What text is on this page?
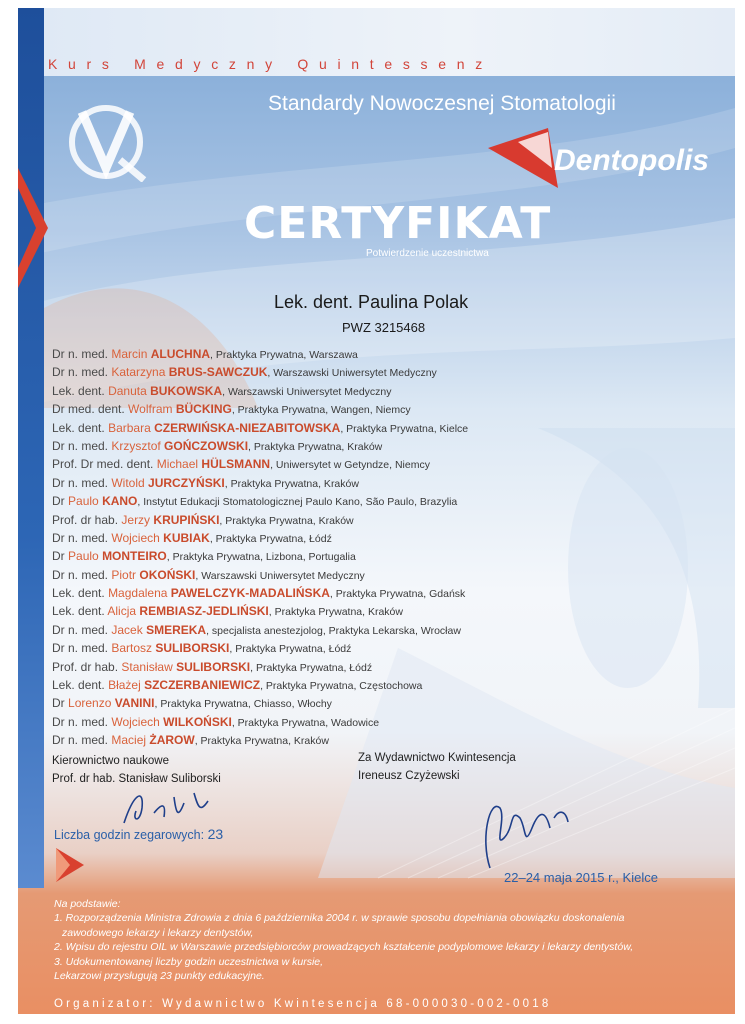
Kurs Medyczny Quintessenz
Standardy Nowoczesnej Stomatologii
Dentopolis
CERTYFIKAT
Potwierdzenie uczestnictwa
Lek. dent. Paulina Polak
PWZ 3215468
Dr n. med. Marcin ALUCHNA, Praktyka Prywatna, Warszawa
Dr n. med. Katarzyna BRUS-SAWCZUK, Warszawski Uniwersytet Medyczny
Lek. dent. Danuta BUKOWSKA, Warszawski Uniwersytet Medyczny
Dr med. dent. Wolfram BÜCKING, Praktyka Prywatna, Wangen, Niemcy
Lek. dent. Barbara CZERWIŃSKA-NIEZABITOWSKA, Praktyka Prywatna, Kielce
Dr n. med. Krzysztof GOŃCZOWSKI, Praktyka Prywatna, Kraków
Prof. Dr med. dent. Michael HÜLSMANN, Uniwersytet w Getyndze, Niemcy
Dr n. med. Witold JURCZYŃSKI, Praktyka Prywatna, Kraków
Dr Paulo KANO, Instytut Edukacji Stomatologicznej Paulo Kano, São Paulo, Brazylia
Prof. dr hab. Jerzy KRUPIŃSKI, Praktyka Prywatna, Kraków
Dr n. med. Wojciech KUBIAK, Praktyka Prywatna, Łódź
Dr Paulo MONTEIRO, Praktyka Prywatna, Lizbona, Portugalia
Dr n. med. Piotr OKOŃSKI, Warszawski Uniwersytet Medyczny
Lek. dent. Magdalena PAWELCZYK-MADALIŃSKA, Praktyka Prywatna, Gdańsk
Lek. dent. Alicja REMBIASZ-JEDLIŃSKI, Praktyka Prywatna, Kraków
Dr n. med. Jacek SMEREKA, specjalista anestezjolog, Praktyka Lekarska, Wrocław
Dr n. med. Bartosz SULIBORSKI, Praktyka Prywatna, Łódź
Prof. dr hab. Stanisław SULIBORSKI, Praktyka Prywatna, Łódź
Lek. dent. Błażej SZCZERBANIEWICZ, Praktyka Prywatna, Częstochowa
Dr Lorenzo VANINI, Praktyka Prywatna, Chiasso, Włochy
Dr n. med. Wojciech WILKOŃSKI, Praktyka Prywatna, Wadowice
Dr n. med. Maciej ŻAROW, Praktyka Prywatna, Kraków
Kierownictwo naukowe
Prof. dr hab. Stanisław Suliborski
Za Wydawnictwo Kwintesencja
Ireneusz Czyżewski
Liczba godzin zegarowych: 23
22–24 maja 2015 r., Kielce
Na podstawie:
1. Rozporządzenia Ministra Zdrowia z dnia 6 października 2004 r. w sprawie sposobu dopełniania obowiązku doskonalenia
zawodowego lekarzy i lekarzy dentystów,
2. Wpisu do rejestru OIL w Warszawie przedsiębiorców prowadzących kształcenie podyplomowe lekarzy i lekarzy dentystów,
3. Udokumentowanej liczby godzin uczestnictwa w kursie,
Lekarzowi przysługują 23 punkty edukacyjne.
Organizator: Wydawnictwo Kwintesencja 68-000030-002-0018
